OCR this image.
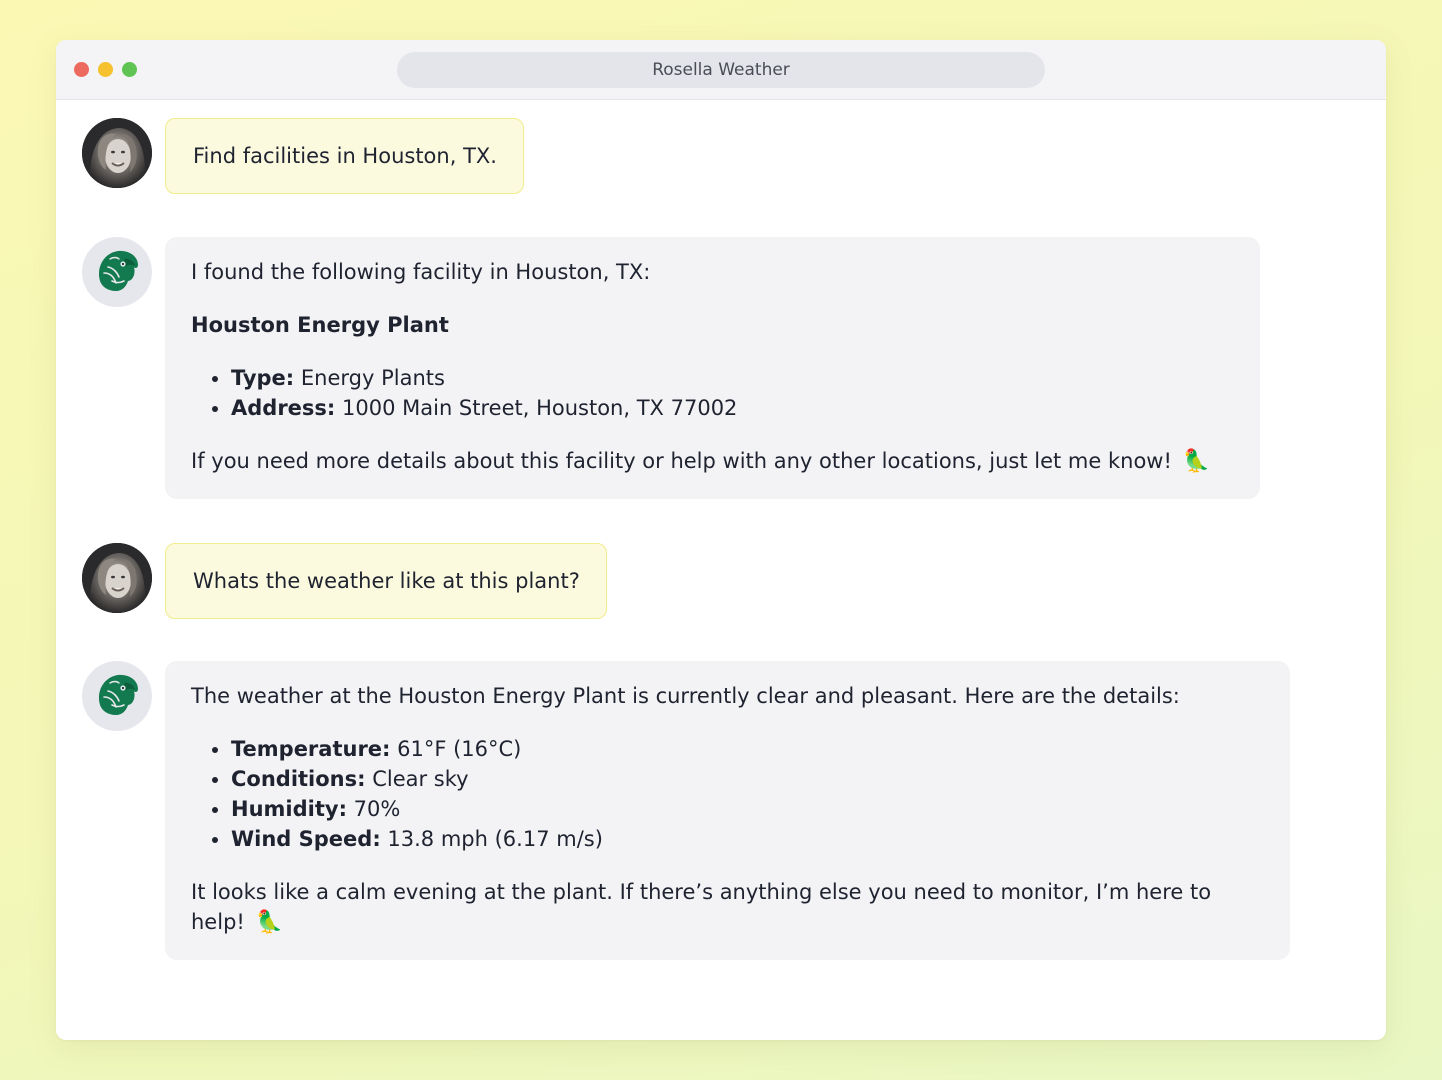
Rosella Weather
Find facilities in Houston, TX.

I found the following facility in Houston, TX:

Houston Energy Plant

• Type: Energy Plants
• Address: 1000 Main Street, Houston, TX 77002

If you need more details about this facility or help with any other locations, just let me know! 🦜

Whats the weather like at this plant?

The weather at the Houston Energy Plant is currently clear and pleasant. Here are the details:

• Temperature: 61°F (16°C)
• Conditions: Clear sky
• Humidity: 70%
• Wind Speed: 13.8 mph (6.17 m/s)

It looks like a calm evening at the plant. If there’s anything else you need to monitor, I’m here to help! 🦜
